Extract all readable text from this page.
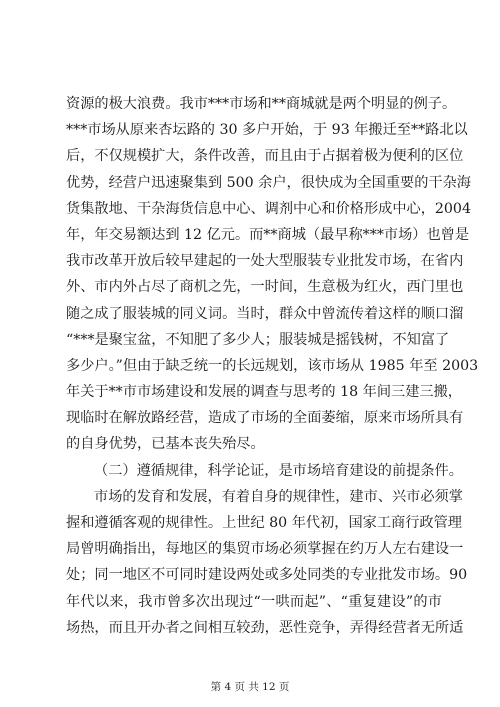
资源的极大浪费。我市***市场和**商城就是两个明显的例子。
***市场从原来杏坛路的 30 多户开始，于 93 年搬迁至**路北以
后，不仅规模扩大，条件改善，而且由于占据着极为便利的区位
优势，经营户迅速聚集到 500 余户，很快成为全国重要的干杂海
货集散地、干杂海货信息中心、调剂中心和价格形成中心，2004
年，年交易额达到 12 亿元。而**商城（最早称***市场）也曾是
我市改革开放后较早建起的一处大型服装专业批发市场，在省内
外、市内外占尽了商机之先，一时间，生意极为红火，西门里也
随之成了服装城的同义词。当时，群众中曾流传着这样的顺口溜
“***是聚宝盆，不知肥了多少人；服装城是摇钱树，不知富了
多少户。”但由于缺乏统一的长远规划，该市场从 1985 年至 2003
年关于**市市场建设和发展的调查与思考的 18 年间三建三搬，
现临时在解放路经营，造成了市场的全面萎缩，原来市场所具有
的自身优势，已基本丧失殆尽。
（二）遵循规律，科学论证，是市场培育建设的前提条件。
市场的发育和发展，有着自身的规律性，建市、兴市必须掌
握和遵循客观的规律性。上世纪 80 年代初，国家工商行政管理
局曾明确指出，每地区的集贸市场必须掌握在约万人左右建设一
处；同一地区不可同时建设两处或多处同类的专业批发市场。90
年代以来，我市曾多次出现过“一哄而起”、“重复建设”的市
场热，而且开办者之间相互较劲，恶性竞争，弄得经营者无所适
第 4 页 共 12 页
